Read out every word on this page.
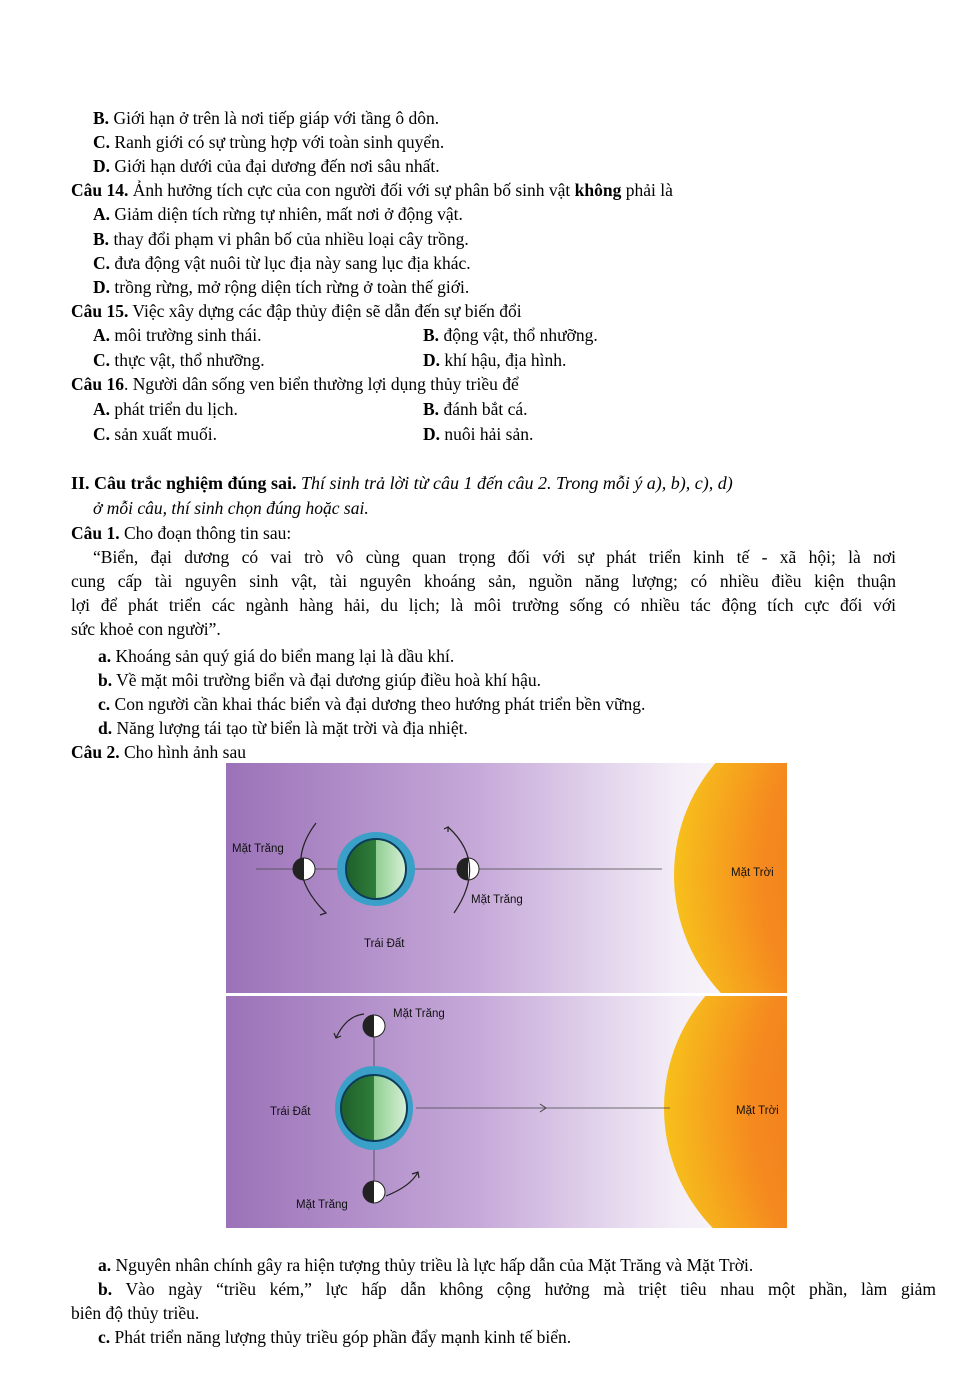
B. Giới hạn ở trên là nơi tiếp giáp với tầng ô dôn.
C. Ranh giới có sự trùng hợp với toàn sinh quyển.
D. Giới hạn dưới của đại dương đến nơi sâu nhất.
Câu 14. Ảnh hưởng tích cực của con người đối với sự phân bố sinh vật không phải là
A. Giảm diện tích rừng tự nhiên, mất nơi ở động vật.
B. thay đổi phạm vi phân bố của nhiều loại cây trồng.
C. đưa động vật nuôi từ lục địa này sang lục địa khác.
D. trồng rừng, mở rộng diện tích rừng ở toàn thế giới.
Câu 15. Việc xây dựng các đập thủy điện sẽ dẫn đến sự biến đổi
A. môi trường sinh thái.	B. động vật, thổ nhưỡng.
C. thực vật, thổ nhưỡng.	D. khí hậu, địa hình.
Câu 16. Người dân sống ven biển thường lợi dụng thủy triều để
A. phát triển du lịch.	B. đánh bắt cá.
C. sản xuất muối.	D. nuôi hải sản.
II. Câu trắc nghiệm đúng sai. Thí sinh trả lời từ câu 1 đến câu 2. Trong mỗi ý a), b), c), d)
ở mỗi câu, thí sinh chọn đúng hoặc sai.
Câu 1. Cho đoạn thông tin sau:
“Biển, đại dương có vai trò vô cùng quan trọng đối với sự phát triển kinh tế - xã hội; là nơi
cung cấp tài nguyên sinh vật, tài nguyên khoáng sản, nguồn năng lượng; có nhiều điều kiện thuận
lợi để phát triển các ngành hàng hải, du lịch; là môi trường sống có nhiều tác động tích cực đối với
sức khoẻ con người”.
a. Khoáng sản quý giá do biển mang lại là dầu khí.
b. Về mặt môi trường biển và đại dương giúp điều hoà khí hậu.
c. Con người cần khai thác biển và đại dương theo hướng phát triển bền vững.
d. Năng lượng tái tạo từ biển là mặt trời và địa nhiệt.
Câu 2. Cho hình ảnh sau
Mặt Trăng
Mặt Trăng
Trái Đất
Mặt Trời
Mặt Trăng
Trái Đất
Mặt Trăng
Mặt Trời
a. Nguyên nhân chính gây ra hiện tượng thủy triều là lực hấp dẫn của Mặt Trăng và Mặt Trời.
b. Vào ngày “triều kém,” lực hấp dẫn không cộng hưởng mà triệt tiêu nhau một phần, làm giảm
biên độ thủy triều.
c. Phát triển năng lượng thủy triều góp phần đẩy mạnh kinh tế biển.
